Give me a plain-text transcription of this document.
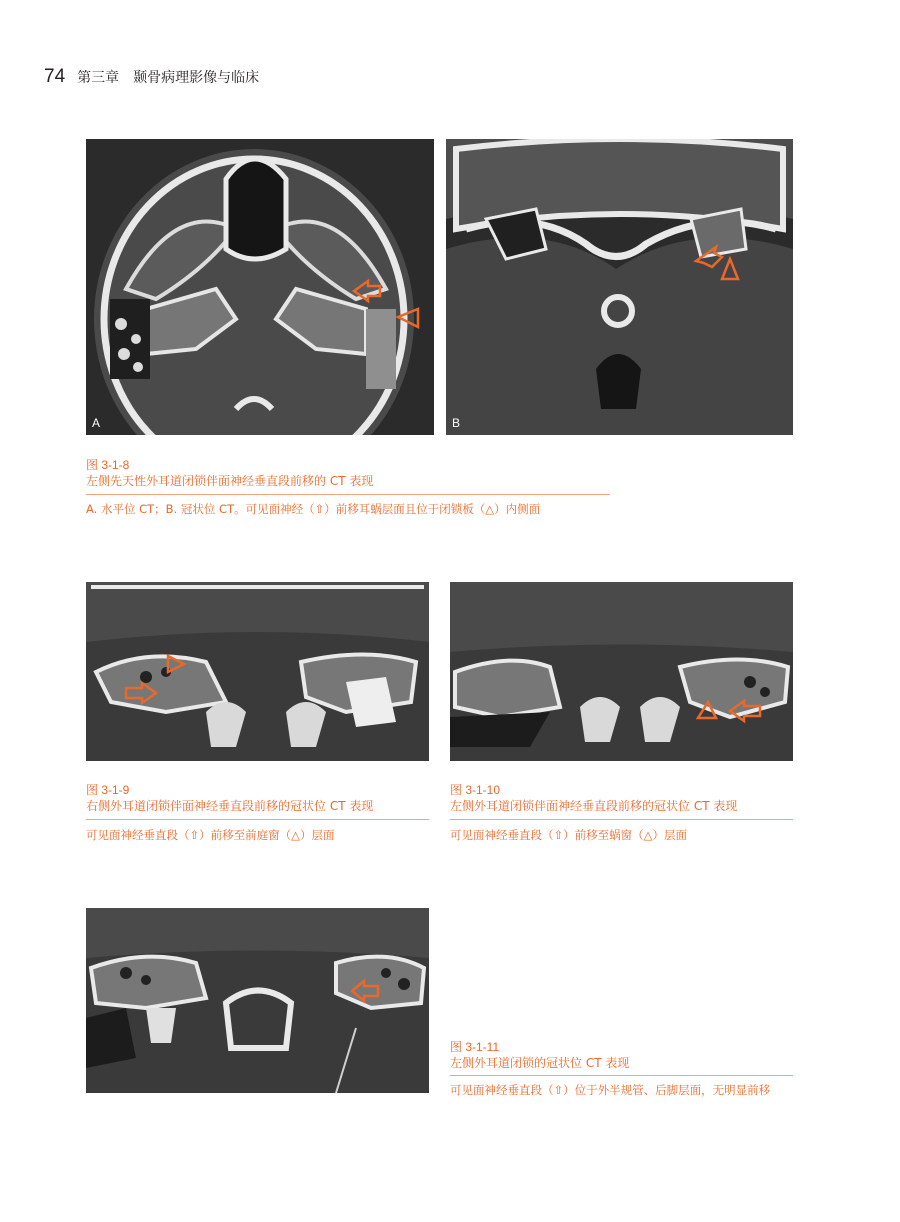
74 第三章　颞骨病理影像与临床
A	B
图 3-1-8
左侧先天性外耳道闭锁伴面神经垂直段前移的 CT 表现
A. 水平位 CT；B. 冠状位 CT。可见面神经（⇧）前移耳蜗层面且位于闭锁板（△）内侧面
图 3-1-9
右侧外耳道闭锁伴面神经垂直段前移的冠状位 CT 表现
可见面神经垂直段（⇧）前移至前庭窗（△）层面
图 3-1-10
左侧外耳道闭锁伴面神经垂直段前移的冠状位 CT 表现
可见面神经垂直段（⇧）前移至蜗窗（△）层面
图 3-1-11
左侧外耳道闭锁的冠状位 CT 表现
可见面神经垂直段（⇧）位于外半规管、后脚层面，无明显前移
